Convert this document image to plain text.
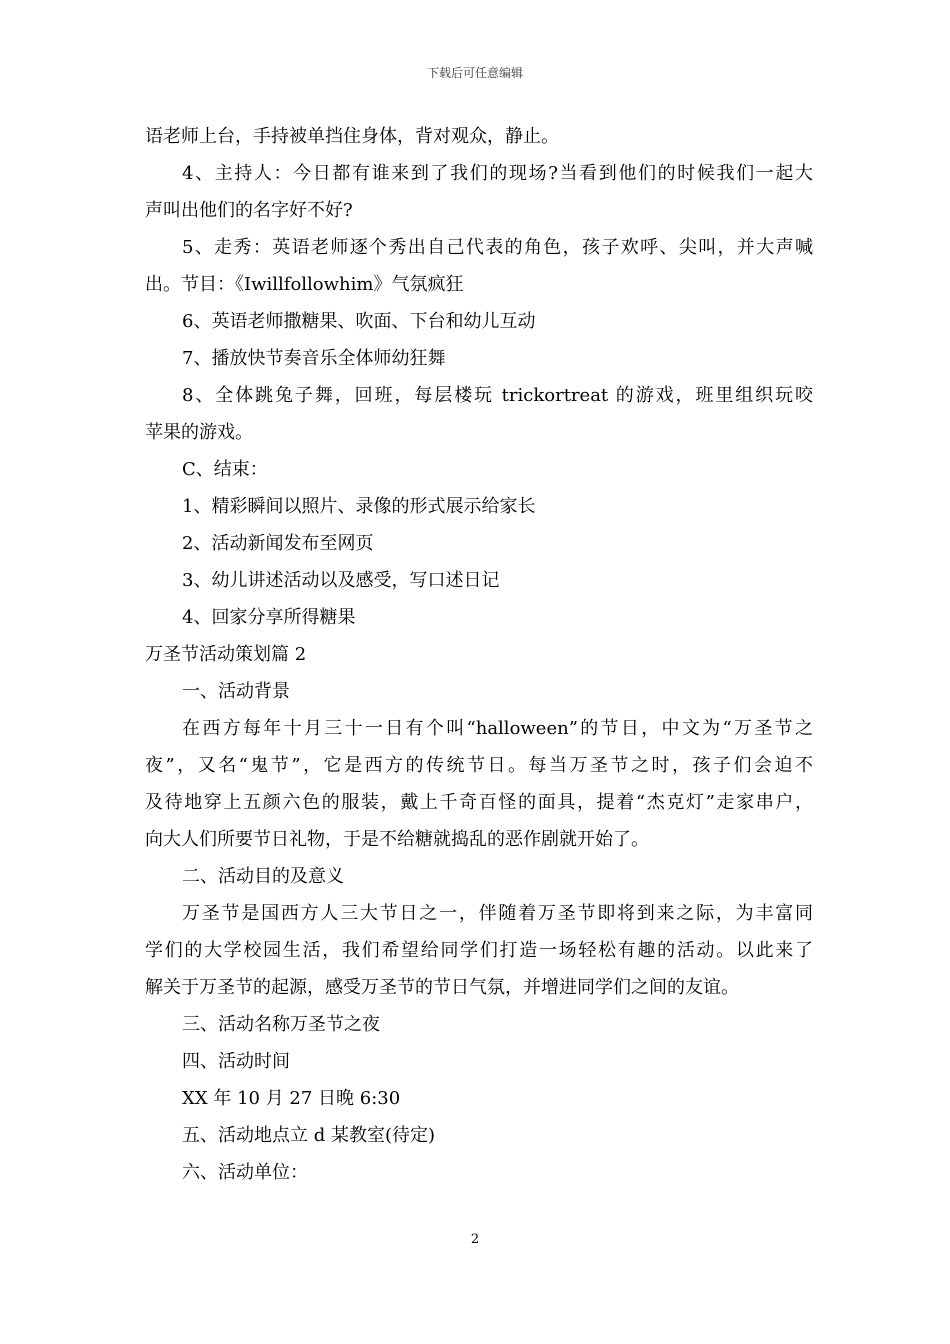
下载后可任意编辑
语老师上台，手持被单挡住身体，背对观众，静止。
4、主持人：今日都有谁来到了我们的现场?当看到他们的时候我们一起大
声叫出他们的名字好不好?
5、走秀：英语老师逐个秀出自己代表的角色，孩子欢呼、尖叫，并大声喊
出。节目：《Iwillfollowhim》气氛疯狂
6、英语老师撒糖果、吹面、下台和幼儿互动
7、播放快节奏音乐全体师幼狂舞
8、全体跳兔子舞，回班，每层楼玩 trickortreat 的游戏，班里组织玩咬
苹果的游戏。
C、结束：
1、精彩瞬间以照片、录像的形式展示给家长
2、活动新闻发布至网页
3、幼儿讲述活动以及感受，写口述日记
4、回家分享所得糖果
万圣节活动策划篇 2
一、活动背景
在西方每年十月三十一日有个叫“halloween”的节日，中文为“万圣节之
夜”，又名“鬼节”，它是西方的传统节日。每当万圣节之时，孩子们会迫不
及待地穿上五颜六色的服装，戴上千奇百怪的面具，提着“杰克灯”走家串户，
向大人们所要节日礼物，于是不给糖就捣乱的恶作剧就开始了。
二、活动目的及意义
万圣节是国西方人三大节日之一，伴随着万圣节即将到来之际，为丰富同
学们的大学校园生活，我们希望给同学们打造一场轻松有趣的活动。以此来了
解关于万圣节的起源，感受万圣节的节日气氛，并增进同学们之间的友谊。
三、活动名称万圣节之夜
四、活动时间
XX 年 10 月 27 日晚 6:30
五、活动地点立 d 某教室(待定)
六、活动单位：
2
